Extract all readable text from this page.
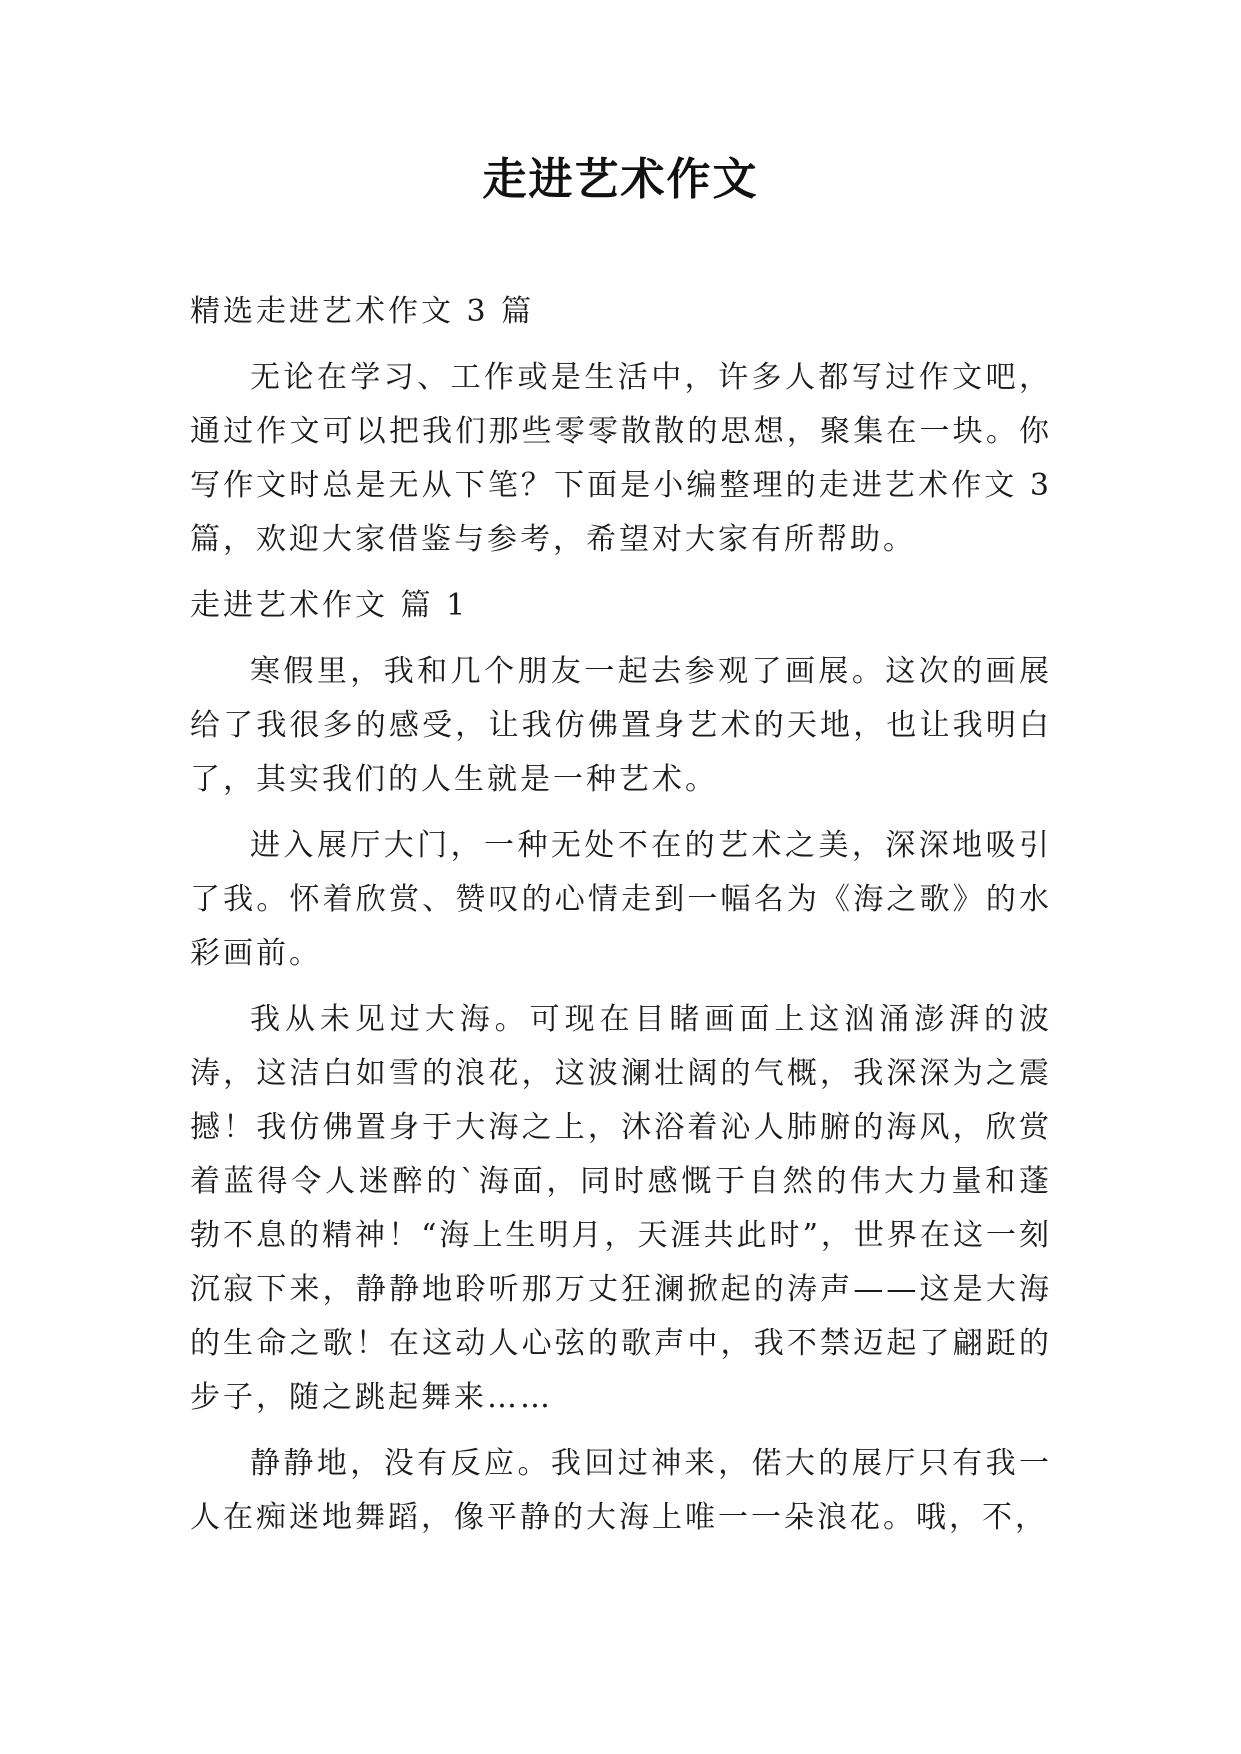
走进艺术作文

精选走进艺术作文 3 篇

无论在学习、工作或是生活中，许多人都写过作文吧，通过作文可以把我们那些零零散散的思想，聚集在一块。你写作文时总是无从下笔？下面是小编整理的走进艺术作文 3 篇，欢迎大家借鉴与参考，希望对大家有所帮助。

走进艺术作文 篇 1

寒假里，我和几个朋友一起去参观了画展。这次的画展给了我很多的感受，让我仿佛置身艺术的天地，也让我明白了，其实我们的人生就是一种艺术。

进入展厅大门，一种无处不在的艺术之美，深深地吸引了我。怀着欣赏、赞叹的心情走到一幅名为《海之歌》的水彩画前。

我从未见过大海。可现在目睹画面上这汹涌澎湃的波涛，这洁白如雪的浪花，这波澜壮阔的气概，我深深为之震撼！我仿佛置身于大海之上，沐浴着沁人肺腑的海风，欣赏着蓝得令人迷醉的`海面，同时感慨于自然的伟大力量和蓬勃不息的精神！“海上生明月，天涯共此时”，世界在这一刻沉寂下来，静静地聆听那万丈狂澜掀起的涛声——这是大海的生命之歌！在这动人心弦的歌声中，我不禁迈起了翩跹的步子，随之跳起舞来……

静静地，没有反应。我回过神来，偌大的展厅只有我一人在痴迷地舞蹈，像平静的大海上唯一一朵浪花。哦，不，
